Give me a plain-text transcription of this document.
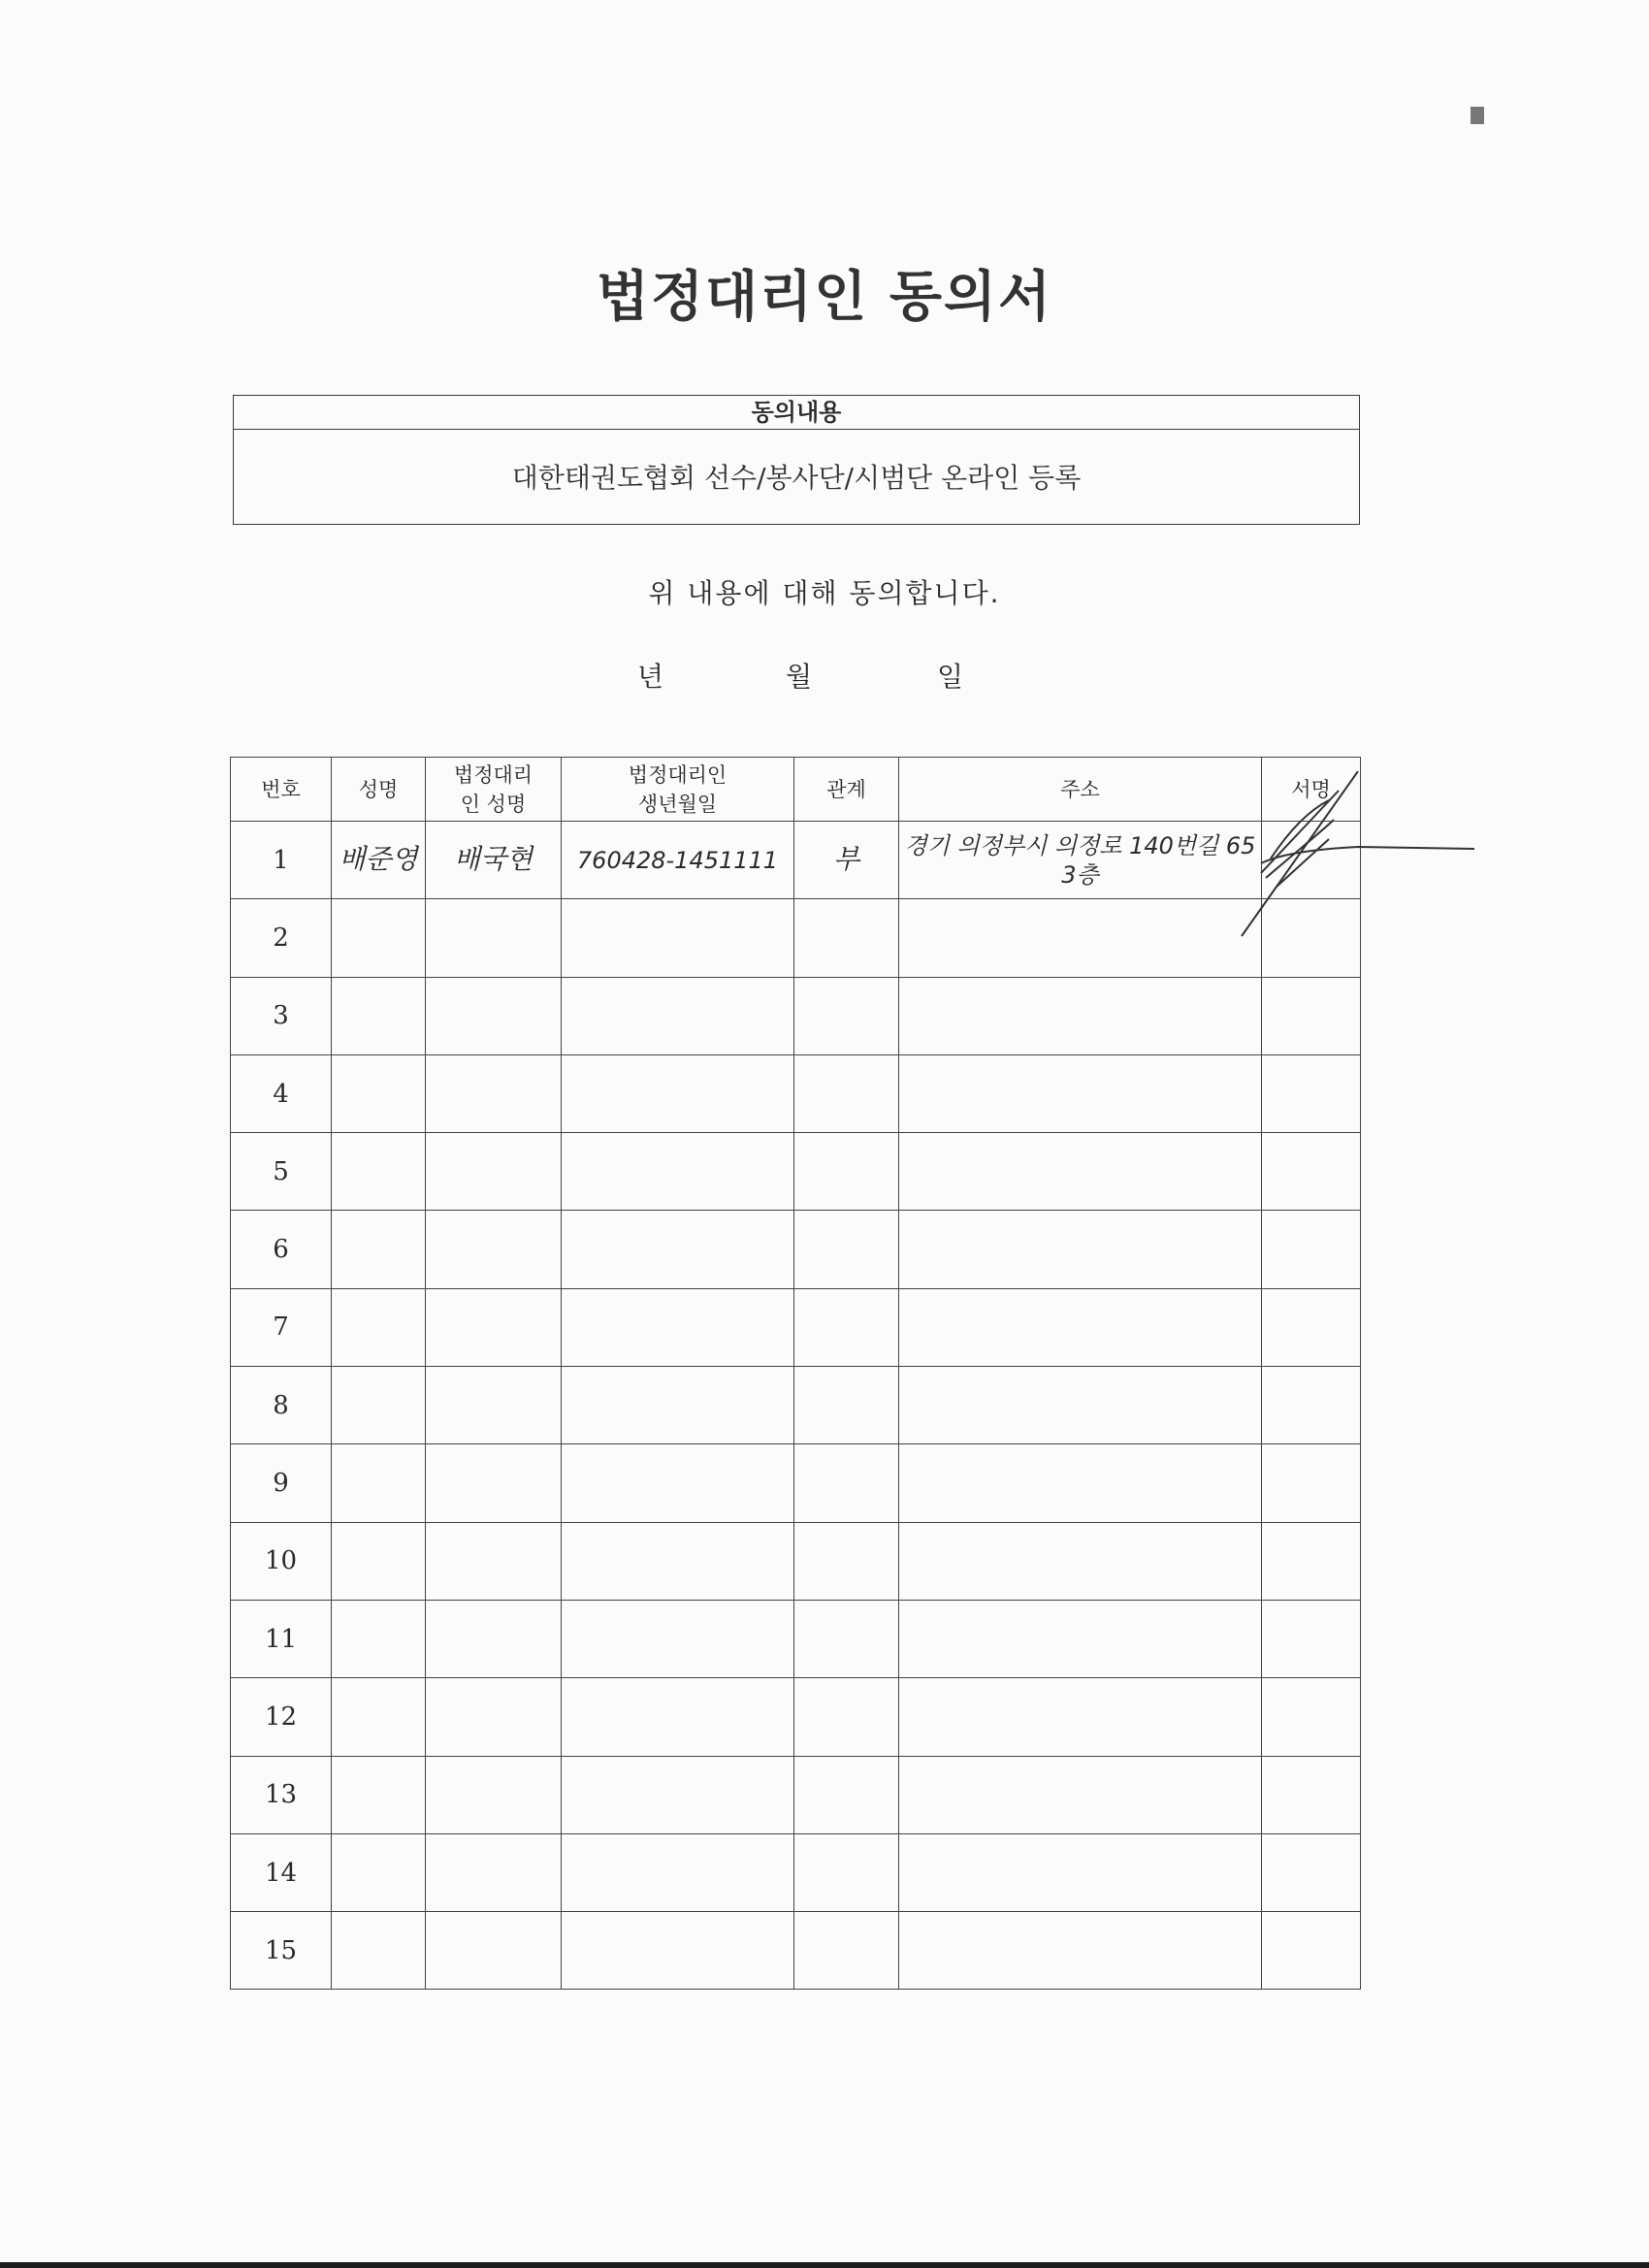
법정대리인 동의서
동의내용
대한태권도협회 선수/봉사단/시범단 온라인 등록
위 내용에 대해 동의합니다.
년	월	일
번호	성명	법정대리인 성명	법정대리인 생년월일	관계	주소	서명
1	배준영	배국현	760428-1451111	부	경기 의정부시 의정로 140번길 65 3층	
2						
3						
4						
5						
6						
7						
8						
9						
10						
11						
12						
13						
14						
15						
